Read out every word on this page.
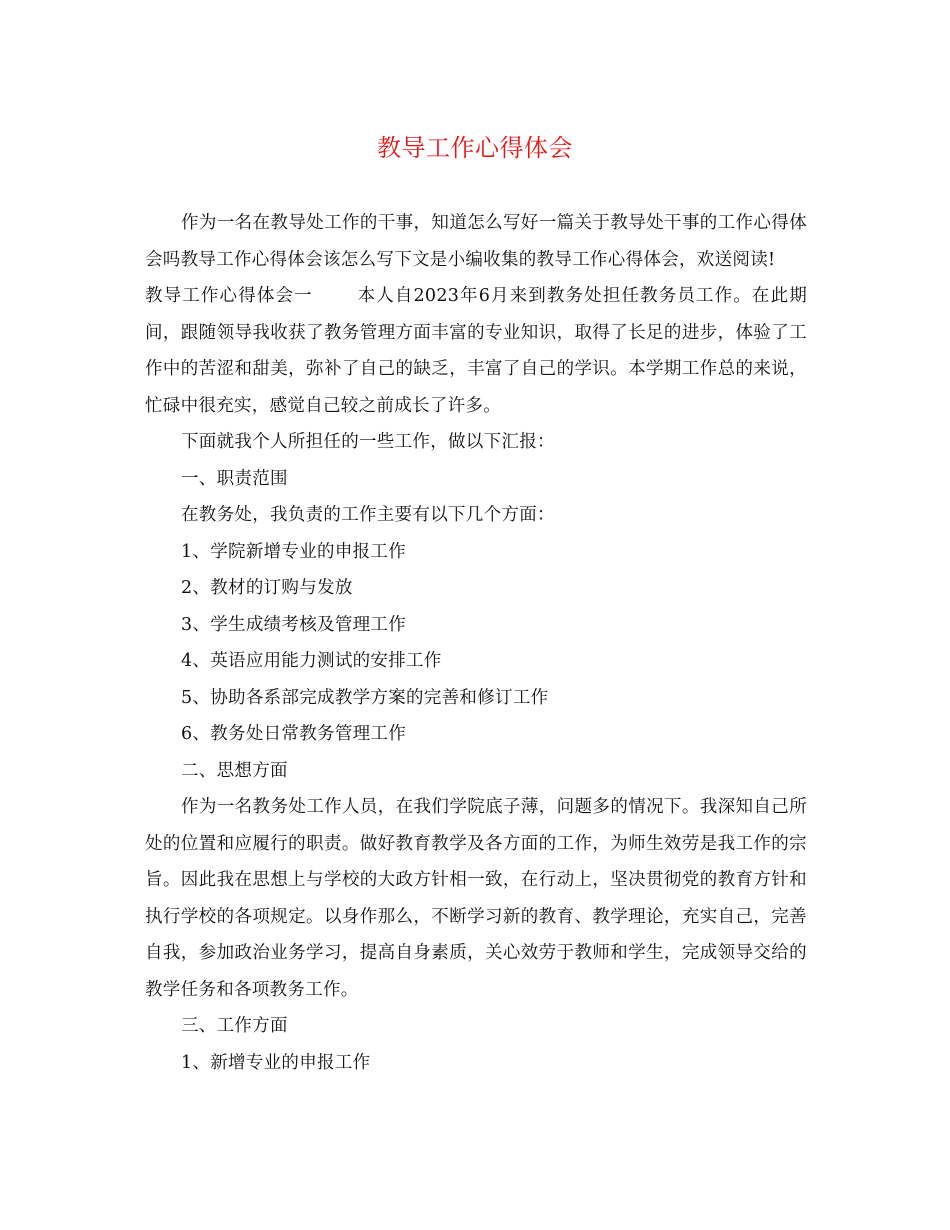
教导工作心得体会

作为一名在教导处工作的干事，知道怎么写好一篇关于教导处干事的工作心得体会吗教导工作心得体会该怎么写下文是小编收集的教导工作心得体会，欢送阅读!

教导工作心得体会一	本人自2023年6月来到教务处担任教务员工作。在此期间，跟随领导我收获了教务管理方面丰富的专业知识，取得了长足的进步，体验了工作中的苦涩和甜美，弥补了自己的缺乏，丰富了自己的学识。本学期工作总的来说，忙碌中很充实，感觉自己较之前成长了许多。

下面就我个人所担任的一些工作，做以下汇报：

一、职责范围

在教务处，我负责的工作主要有以下几个方面：

1、学院新增专业的申报工作

2、教材的订购与发放

3、学生成绩考核及管理工作

4、英语应用能力测试的安排工作

5、协助各系部完成教学方案的完善和修订工作

6、教务处日常教务管理工作

二、思想方面

作为一名教务处工作人员，在我们学院底子薄，问题多的情况下。我深知自己所处的位置和应履行的职责。做好教育教学及各方面的工作，为师生效劳是我工作的宗旨。因此我在思想上与学校的大政方针相一致，在行动上，坚决贯彻党的教育方针和执行学校的各项规定。以身作那么，不断学习新的教育、教学理论，充实自己，完善自我，参加政治业务学习，提高自身素质，关心效劳于教师和学生，完成领导交给的教学任务和各项教务工作。

三、工作方面

1、新增专业的申报工作
